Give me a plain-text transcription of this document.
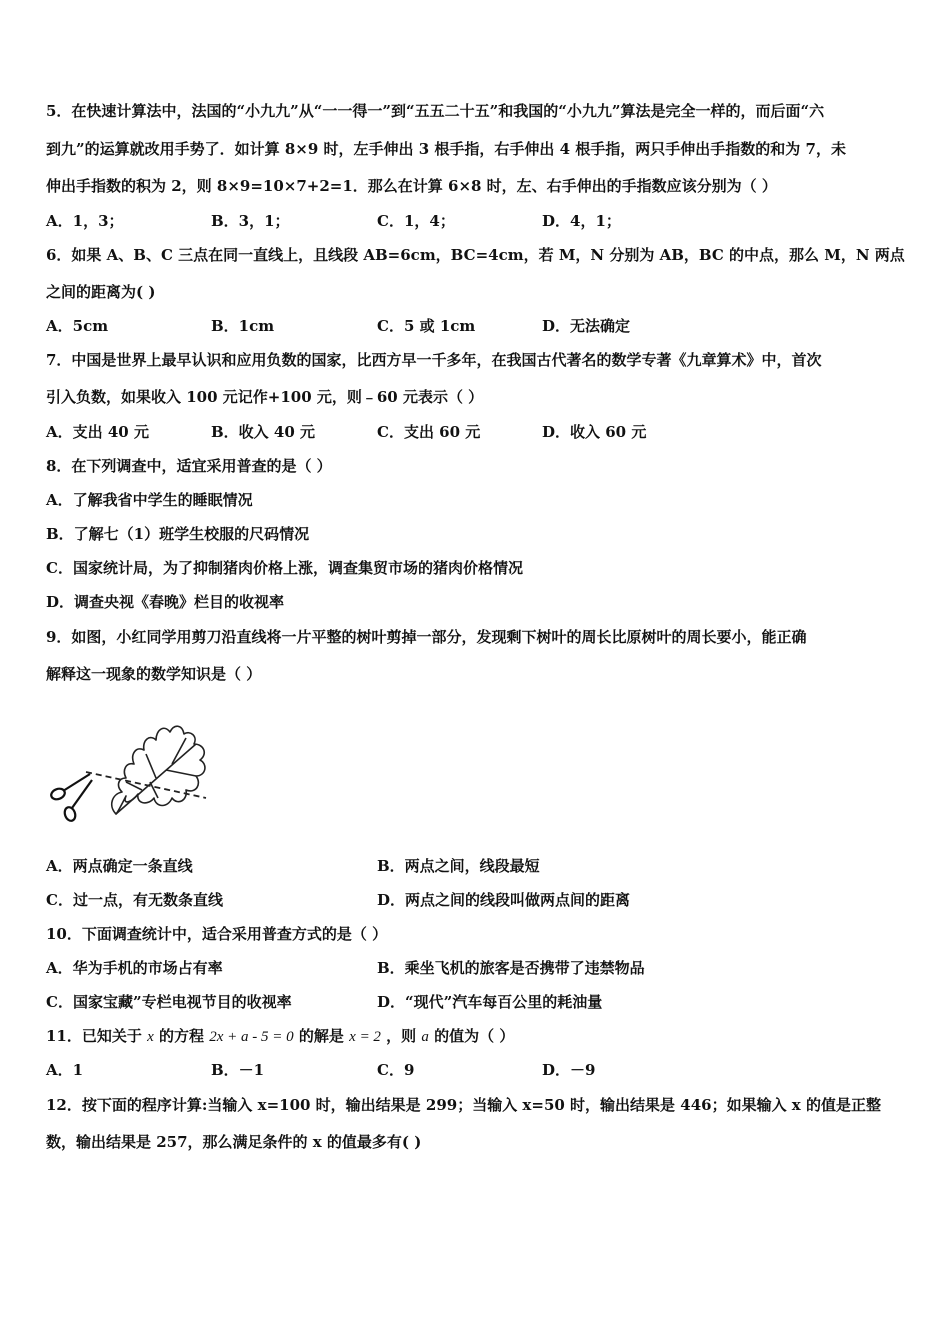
5．在快速计算法中，法国的“小九九”从“一一得一”到“五五二十五”和我国的“小九九”算法是完全一样的，而后面“六
到九”的运算就改用手势了．如计算 8×9 时，左手伸出 3 根手指，右手伸出 4 根手指，两只手伸出手指数的和为 7，未
伸出手指数的积为 2，则 8×9=10×7+2=1．那么在计算 6×8 时，左、右手伸出的手指数应该分别为（ ）
A．1，3；	B．3，1；	C．1，4；	D．4，1；
6．如果 A、B、C 三点在同一直线上，且线段 AB=6cm，BC=4cm，若 M，N 分别为 AB，BC 的中点，那么 M，N 两点
之间的距离为( )
A．5cm	B．1cm	C．5 或 1cm	D．无法确定
7．中国是世界上最早认识和应用负数的国家，比西方早一千多年，在我国古代著名的数学专著《九章算术》中，首次
引入负数，如果收入 100 元记作+100 元，则﹣60 元表示（ ）
A．支出 40 元	B．收入 40 元	C．支出 60 元	D．收入 60 元
8．在下列调查中，适宜采用普查的是（ ）
A．了解我省中学生的睡眠情况
B．了解七（1）班学生校服的尺码情况
C．国家统计局，为了抑制猪肉价格上涨，调查集贸市场的猪肉价格情况
D．调查央视《春晚》栏目的收视率
9．如图，小红同学用剪刀沿直线将一片平整的树叶剪掉一部分，发现剩下树叶的周长比原树叶的周长要小，能正确
解释这一现象的数学知识是（ ）
A．两点确定一条直线	B．两点之间，线段最短
C．过一点，有无数条直线	D．两点之间的线段叫做两点间的距离
10．下面调查统计中，适合采用普查方式的是（ ）
A．华为手机的市场占有率	B．乘坐飞机的旅客是否携带了违禁物品
C．国家宝藏”专栏电视节目的收视率	D．“现代”汽车每百公里的耗油量
11．已知关于 x 的方程 2x + a - 5 = 0 的解是 x = 2 ，则 a 的值为（ ）
A．1	B．－1	C．9	D．－9
12．按下面的程序计算:当输入 x=100 时，输出结果是 299；当输入 x=50 时，输出结果是 446；如果输入 x 的值是正整
数，输出结果是 257，那么满足条件的 x 的值最多有( )
